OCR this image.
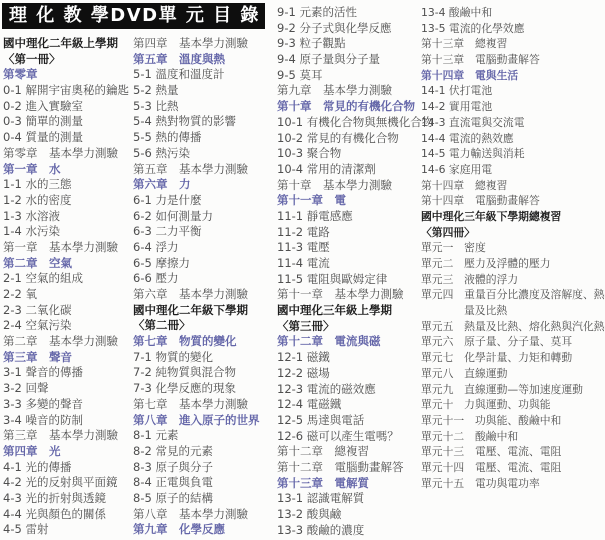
理 化 教 學DVD單 元 目 錄
國中理化二年級上學期
〈第一冊〉
第零章
0-1 解開宇宙奧秘的鑰匙
0-2 進入實驗室
0-3 簡單的測量
0-4 質量的測量
第零章　基本學力測驗
第一章　水
1-1 水的三態
1-2 水的密度
1-3 水溶液
1-4 水污染
第一章　基本學力測驗
第二章　空氣
2-1 空氣的組成
2-2 氧
2-3 二氧化碳
2-4 空氣污染
第二章　基本學力測驗
第三章　聲音
3-1 聲音的傳播
3-2 回聲
3-3 多變的聲音
3-4 噪音的防制
第三章　基本學力測驗
第四章　光
4-1 光的傳播
4-2 光的反射與平面鏡
4-3 光的折射與透鏡
4-4 光與顏色的關係
4-5 雷射
第四章　基本學力測驗
第五章　溫度與熱
5-1 溫度和溫度計
5-2 熱量
5-3 比熱
5-4 熱對物質的影響
5-5 熱的傳播
5-6 熱污染
第五章　基本學力測驗
第六章　力
6-1 力是什麼
6-2 如何測量力
6-3 二力平衡
6-4 浮力
6-5 摩擦力
6-6 壓力
第六章　基本學力測驗
國中理化二年級下學期
〈第二冊〉
第七章　物質的變化
7-1 物質的變化
7-2 純物質與混合物
7-3 化學反應的現象
第七章　基本學力測驗
第八章　進入原子的世界
8-1 元素
8-2 常見的元素
8-3 原子與分子
8-4 正電與負電
8-5 原子的結構
第八章　基本學力測驗
第九章　化學反應
9-1 元素的活性
9-2 分子式與化學反應
9-3 粒子觀點
9-4 原子量與分子量
9-5 莫耳
第九章　基本學力測驗
第十章　常見的有機化合物
10-1 有機化合物與無機化合物
10-2 常見的有機化合物
10-3 聚合物
10-4 常用的清潔劑
第十章　基本學力測驗
第十一章　電
11-1 靜電感應
11-2 電路
11-3 電壓
11-4 電流
11-5 電阻與歐姆定律
第十一章　基本學力測驗
國中理化三年級上學期
〈第三冊〉
第十二章　電流與磁
12-1 磁鐵
12-2 磁場
12-3 電流的磁效應
12-4 電磁鐵
12-5 馬達與電話
12-6 磁可以產生電嗎？
第十二章　總複習
第十二章　電腦動畫解答
第十三章　電解質
13-1 認識電解質
13-2 酸與鹼
13-3 酸鹼的濃度
13-4 酸鹼中和
13-5 電流的化學效應
第十三章　總複習
第十三章　電腦動畫解答
第十四章　電與生活
14-1 伏打電池
14-2 實用電池
14-3 直流電與交流電
14-4 電流的熱效應
14-5 電力輸送與消耗
14-6 家庭用電
第十四章　總複習
第十四章　電腦動畫解答
國中理化三年級下學期總複習
〈第四冊〉
單元一　密度
單元二　壓力及浮體的壓力
單元三　液體的浮力
單元四　重量百分比濃度及溶解度、熱
量及比熱
單元五　熱量及比熱、熔化熱與汽化熱
單元六　原子量、分子量、莫耳
單元七　化學計量、力矩和轉動
單元八　直線運動
單元九　直線運動—等加速度運動
單元十　力與運動、功與能
單元十一　功與能、酸鹼中和
單元十二　酸鹼中和
單元十三　電壓、電流、電阻
單元十四　電壓、電流、電阻
單元十五　電功與電功率
